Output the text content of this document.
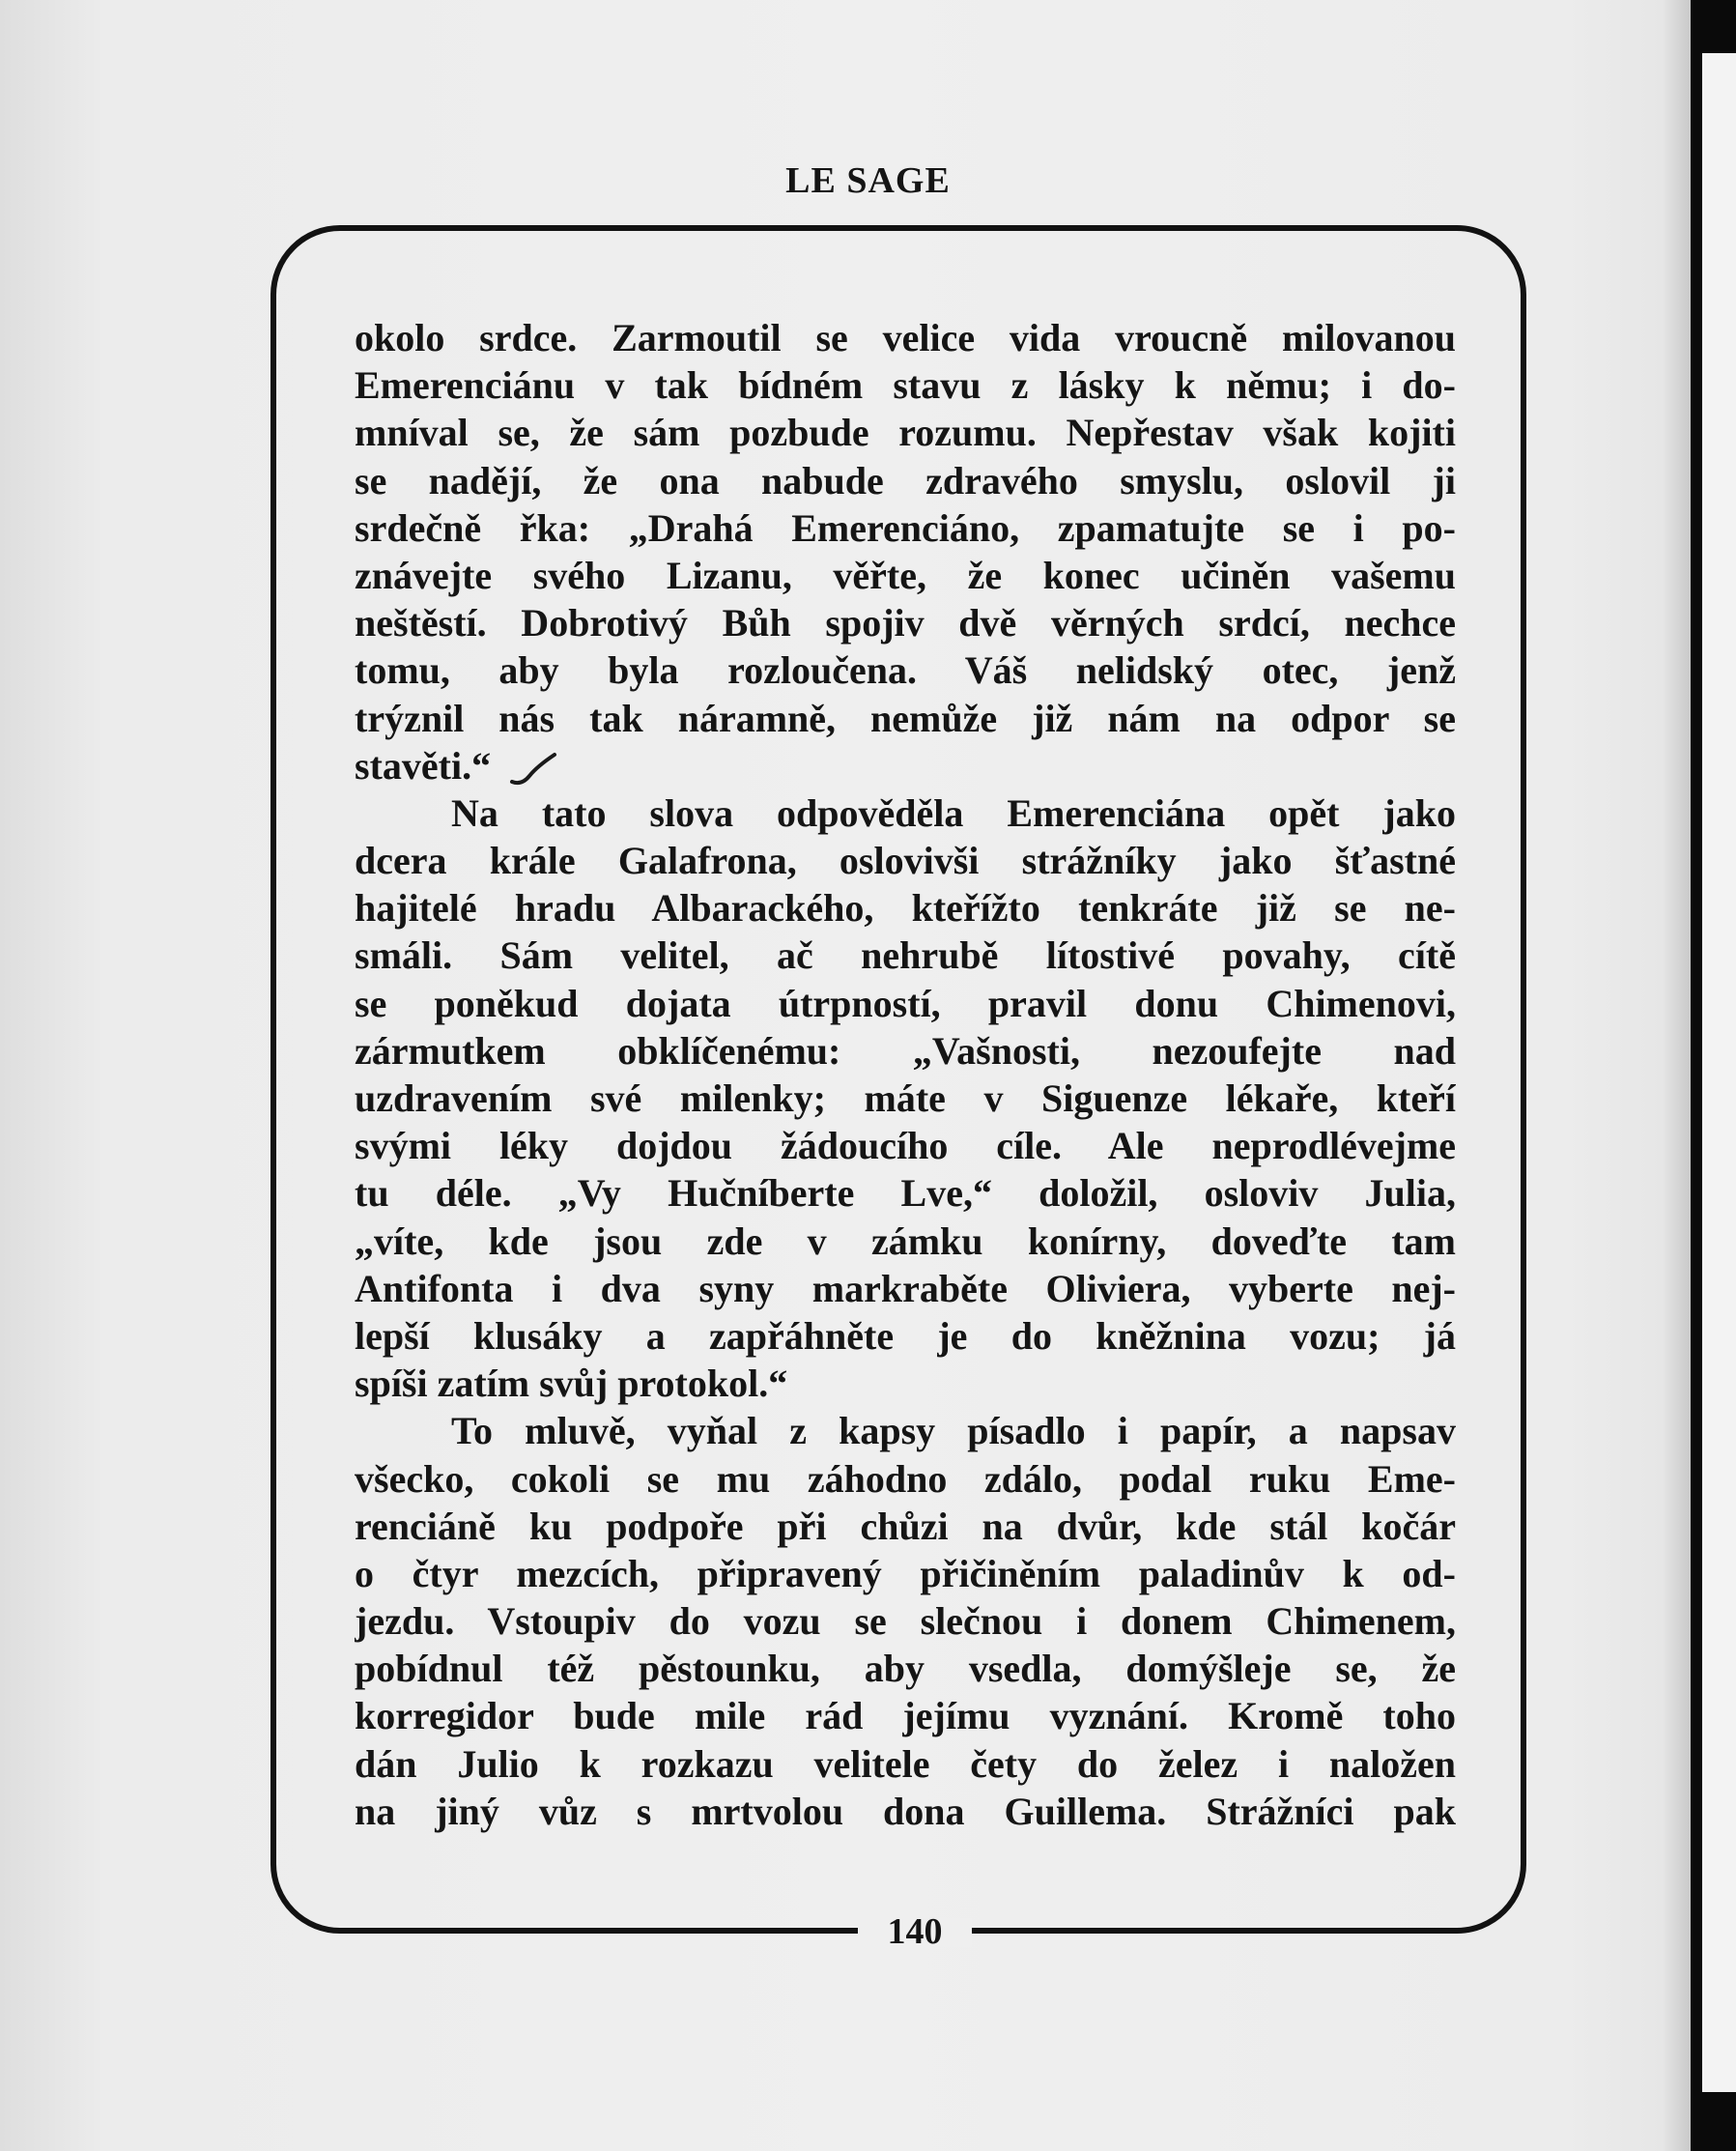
LE SAGE
140
okolo srdce. Zarmoutil se velice vida vroucně milovanou
Emerenciánu v tak bídném stavu z lásky k němu; i do-
mníval se, že sám pozbude rozumu. Nepřestav však kojiti
se nadějí, že ona nabude zdravého smyslu, oslovil ji
srdečně řka: „Drahá Emerenciáno, zpamatujte se i po-
znávejte svého Lizanu, věřte, že konec učiněn vašemu
neštěstí. Dobrotivý Bůh spojiv dvě věrných srdcí, nechce
tomu, aby byla rozloučena. Váš nelidský otec, jenž
trýznil nás tak náramně, nemůže již nám na odpor se
stavěti.“
Na tato slova odpověděla Emerenciána opět jako
dcera krále Galafrona, oslovivši strážníky jako šťastné
hajitelé hradu Albarackého, kteřížto tenkráte již se ne-
smáli. Sám velitel, ač nehrubě lítostivé povahy, cítě
se poněkud dojata útrpností, pravil donu Chimenovi,
zármutkem obklíčenému: „Vašnosti, nezoufejte nad
uzdravením své milenky; máte v Siguenze lékaře, kteří
svými léky dojdou žádoucího cíle. Ale neprodlévejme
tu déle. „Vy Hučníberte Lve,“ doložil, osloviv Julia,
„víte, kde jsou zde v zámku konírny, doveďte tam
Antifonta i dva syny markraběte Oliviera, vyberte nej-
lepší klusáky a zapřáhněte je do kněžnina vozu; já
spíši zatím svůj protokol.“
To mluvě, vyňal z kapsy písadlo i papír, a napsav
všecko, cokoli se mu záhodno zdálo, podal ruku Eme-
renciáně ku podpoře při chůzi na dvůr, kde stál kočár
o čtyr mezcích, připravený přičiněním paladinův k od-
jezdu. Vstoupiv do vozu se slečnou i donem Chimenem,
pobídnul též pěstounku, aby vsedla, domýšleje se, že
korregidor bude mile rád jejímu vyznání. Kromě toho
dán Julio k rozkazu velitele čety do želez i naložen
na jiný vůz s mrtvolou dona Guillema. Strážníci pak
